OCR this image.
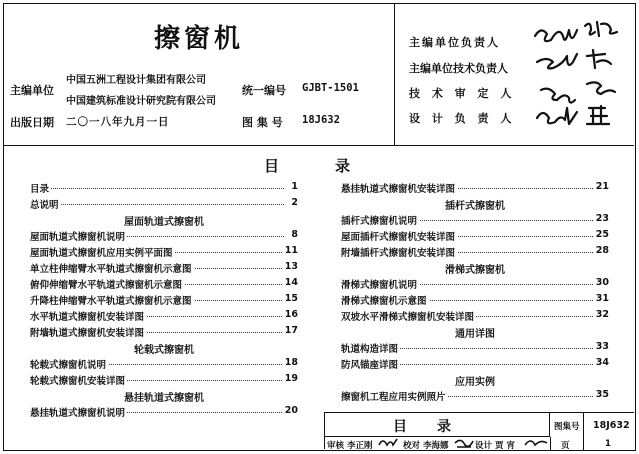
擦窗机
主编单位
中国五洲工程设计集团有限公司
中国建筑标准设计研究院有限公司
统一编号 GJBT-1501
出版日期 二〇一八年九月一日	图 集 号 18J632
主编单位负责人
主编单位技术负责人
技 术 审 定 人
设 计 负 责 人
目录
目录	1
总说明	2
屋面轨道式擦窗机
屋面轨道式擦窗机说明	8
屋面轨道式擦窗机应用实例平面图	11
单立柱伸缩臂水平轨道式擦窗机示意图	13
俯仰伸缩臂水平轨道式擦窗机示意图	14
升降柱伸缩臂水平轨道式擦窗机示意图	15
水平轨道式擦窗机安装详图	16
附墙轨道式擦窗机安装详图	17
轮载式擦窗机
轮载式擦窗机说明	18
轮载式擦窗机安装详图	19
悬挂轨道式擦窗机
悬挂轨道式擦窗机说明	20
悬挂轨道式擦窗机安装详图	21
插杆式擦窗机
插杆式擦窗机说明	23
屋面插杆式擦窗机安装详图	25
附墙插杆式擦窗机安装详图	28
滑梯式擦窗机
滑梯式擦窗机说明	30
滑梯式擦窗机示意图	31
双坡水平滑梯式擦窗机安装详图	32
通用详图
轨道构造详图	33
防风锚座详图	34
应用实例
擦窗机工程应用实例照片	35
目录	图集号 18J632
审核 李正刚	校对 李海娜	设计 贾 宵	页	1
